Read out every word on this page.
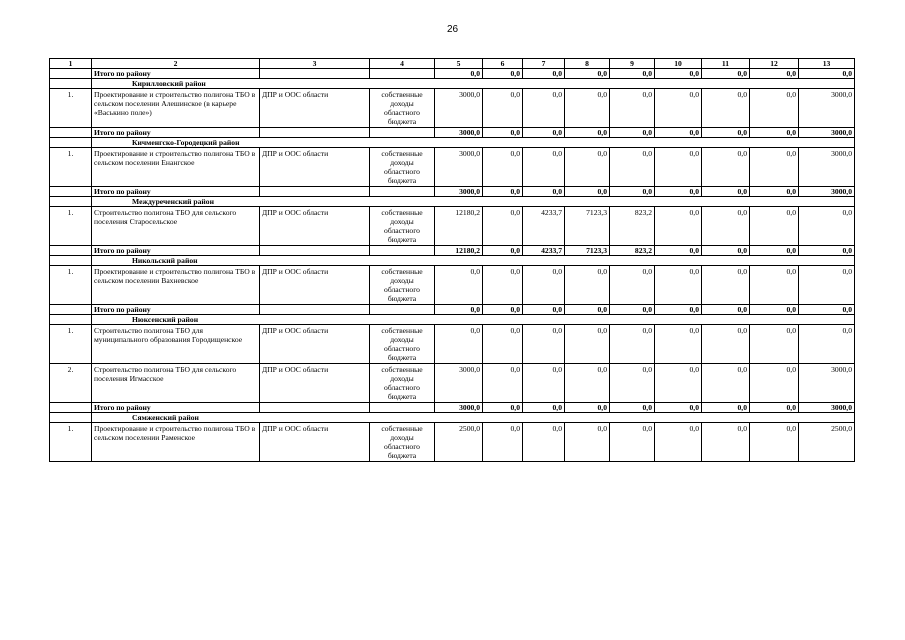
26
1	2	3	4	5	6	7	8	9	10	11	12	13
	Итого по району			0,0	0,0	0,0	0,0	0,0	0,0	0,0	0,0	0,0
	Кирилловский район											
1.	Проектирование и строительство полигона ТБО в сельском поселении Алешинское (в карьере «Васькино поле»)	ДПР и ООС области	собственные доходы областного бюджета	3000,0	0,0	0,0	0,0	0,0	0,0	0,0	0,0	3000,0
	Итого по району			3000,0	0,0	0,0	0,0	0,0	0,0	0,0	0,0	3000,0
	Кичменгско-Городецкий район											
1.	Проектирование и строительство полигона ТБО в сельском поселении Енангское	ДПР и ООС области	собственные доходы областного бюджета	3000,0	0,0	0,0	0,0	0,0	0,0	0,0	0,0	3000,0
	Итого по району			3000,0	0,0	0,0	0,0	0,0	0,0	0,0	0,0	3000,0
	Междуреченский район											
1.	Строительство полигона ТБО для сельского поселения Старосельское	ДПР и ООС области	собственные доходы областного бюджета	12180,2	0,0	4233,7	7123,3	823,2	0,0	0,0	0,0	0,0
	Итого по району			12180,2	0,0	4233,7	7123,3	823,2	0,0	0,0	0,0	0,0
	Никольский район											
1.	Проектирование и строительство полигона ТБО в сельском поселении Вахневское	ДПР и ООС области	собственные доходы областного бюджета	0,0	0,0	0,0	0,0	0,0	0,0	0,0	0,0	0,0
	Итого по району			0,0	0,0	0,0	0,0	0,0	0,0	0,0	0,0	0,0
	Нюксенский район											
1.	Строительство полигона ТБО для муниципального образования Городищенское	ДПР и ООС области	собственные доходы областного бюджета	0,0	0,0	0,0	0,0	0,0	0,0	0,0	0,0	0,0
2.	Строительство полигона ТБО для сельского поселения Игмасское	ДПР и ООС области	собственные доходы областного бюджета	3000,0	0,0	0,0	0,0	0,0	0,0	0,0	0,0	3000,0
	Итого по району			3000,0	0,0	0,0	0,0	0,0	0,0	0,0	0,0	3000,0
	Сямженский район											
1.	Проектирование и строительство полигона ТБО в сельском поселении Раменское	ДПР и ООС области	собственные доходы областного бюджета	2500,0	0,0	0,0	0,0	0,0	0,0	0,0	0,0	2500,0
